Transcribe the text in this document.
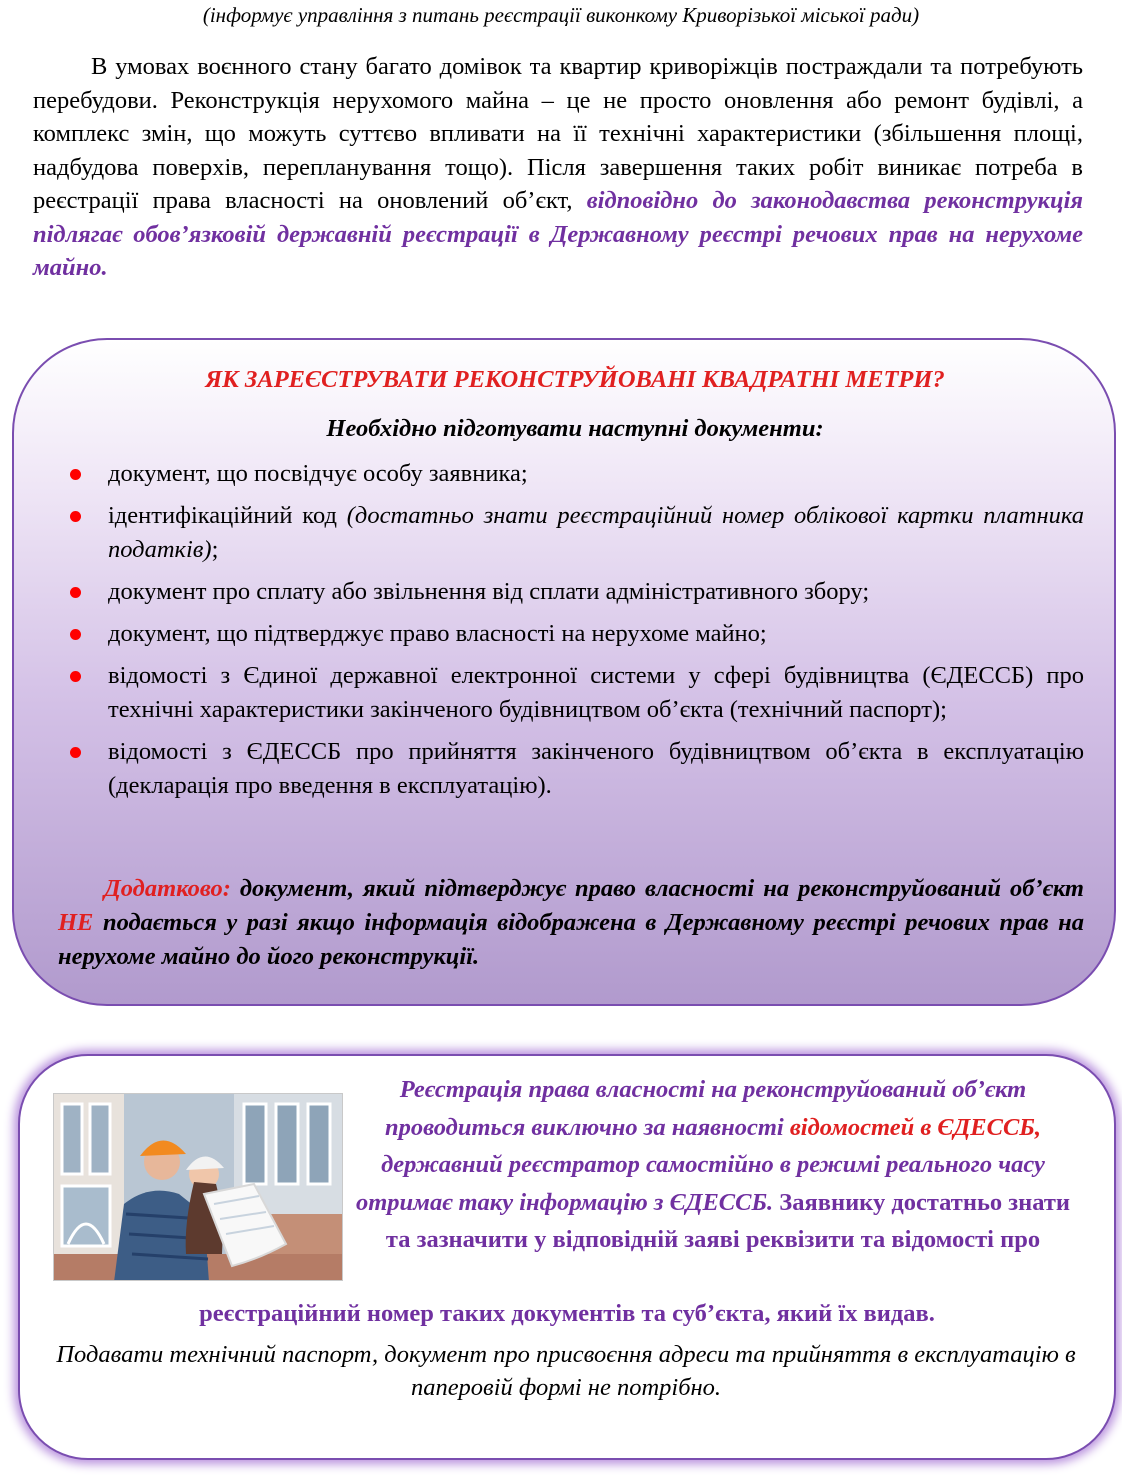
(інформує управління з питань реєстрації виконкому Криворізької міської ради)

В умовах воєнного стану багато домівок та квартир криворіжців постраждали та потребують перебудови. Реконструкція нерухомого майна – це не просто оновлення або ремонт будівлі, а комплекс змін, що можуть суттєво впливати на її технічні характеристики (збільшення площі, надбудова поверхів, перепланування тощо). Після завершення таких робіт виникає потреба в реєстрації права власності на оновлений об’єкт, відповідно до законодавства реконструкція підлягає обов’язковій державній реєстрації в Державному реєстрі речових прав на нерухоме майно.

ЯК ЗАРЕЄСТРУВАТИ РЕКОНСТРУЙОВАНІ КВАДРАТНІ МЕТРИ?
Необхідно підготувати наступні документи:
документ, що посвідчує особу заявника;
ідентифікаційний код (достатньо знати реєстраційний номер облікової картки платника податків);
документ про сплату або звільнення від сплати адміністративного збору;
документ, що підтверджує право власності на нерухоме майно;
відомості з Єдиної державної електронної системи у сфері будівництва (ЄДЕССБ) про технічні характеристики закінченого будівництвом об’єкта (технічний паспорт);
відомості з ЄДЕССБ про прийняття закінченого будівництвом об’єкта в експлуатацію (декларація про введення в експлуатацію).

Додатково: документ, який підтверджує право власності на реконструйований об’єкт НЕ подається у разі якщо інформація відображена в Державному реєстрі речових прав на нерухоме майно до його реконструкції.

Реєстрація права власності на реконструйований об’єкт проводиться виключно за наявності відомостей в ЄДЕССБ, державний реєстратор самостійно в режимі реального часу отримає таку інформацію з ЄДЕССБ. Заявнику достатньо знати та зазначити у відповідній заяві реквізити та відомості про

реєстраційний номер таких документів та суб’єкта, який їх видав.

Подавати технічний паспорт, документ про присвоєння адреси та прийняття в експлуатацію в паперовій формі не потрібно.
